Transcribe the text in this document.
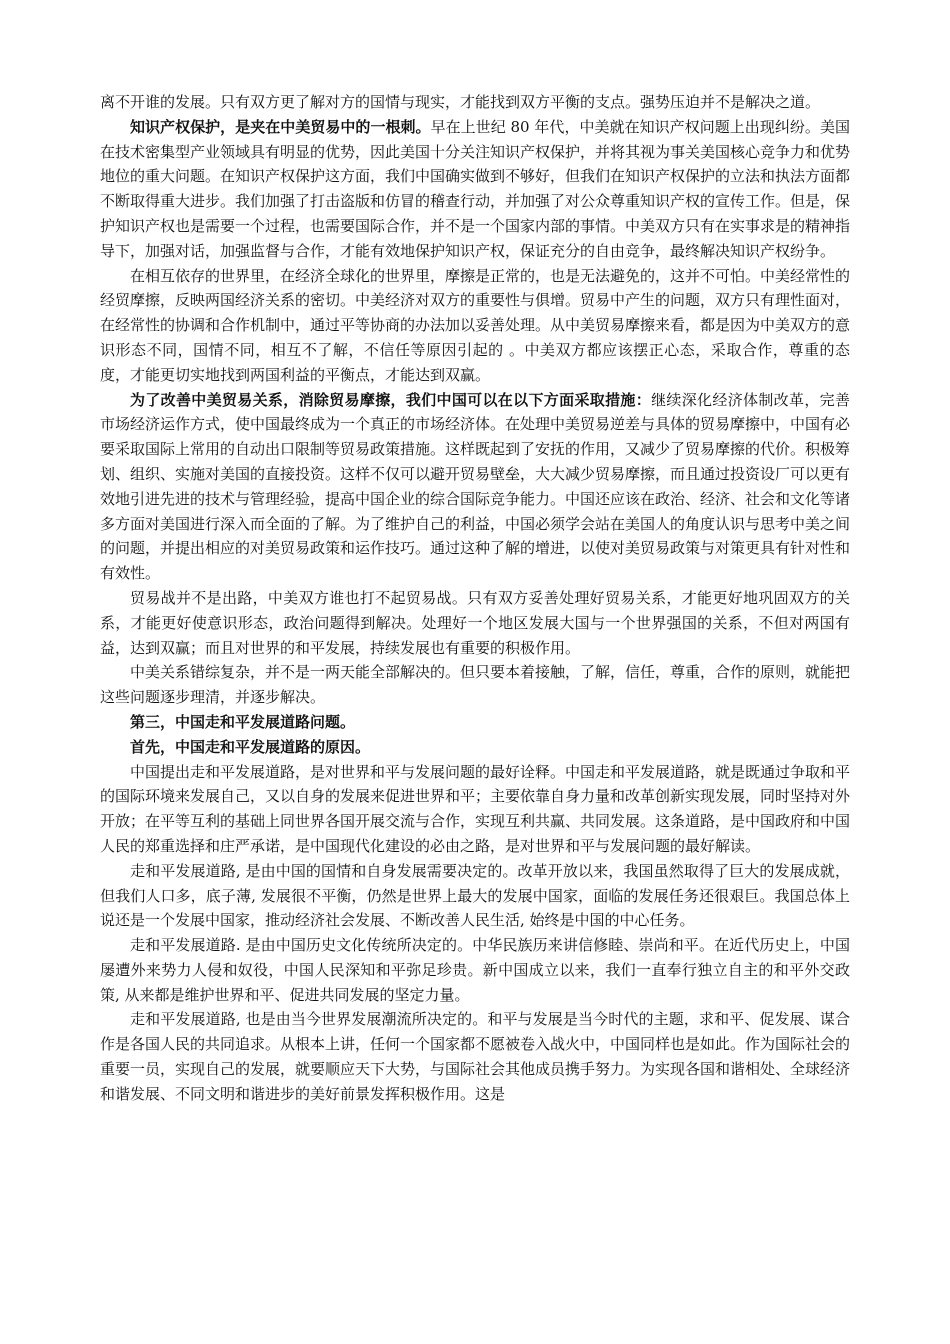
离不开谁的发展。只有双方更了解对方的国情与现实，才能找到双方平衡的支点。强势压迫并不是解决之道。

知识产权保护，是夹在中美贸易中的一根刺。早在上世纪 80 年代，中美就在知识产权问题上出现纠纷。美国在技术密集型产业领域具有明显的优势，因此美国十分关注知识产权保护，并将其视为事关美国核心竞争力和优势地位的重大问题。在知识产权保护这方面，我们中国确实做到不够好，但我们在知识产权保护的立法和执法方面都不断取得重大进步。我们加强了打击盗版和仿冒的稽查行动，并加强了对公众尊重知识产权的宣传工作。但是，保护知识产权也是需要一个过程，也需要国际合作，并不是一个国家内部的事情。中美双方只有在实事求是的精神指导下，加强对话，加强监督与合作，才能有效地保护知识产权，保证充分的自由竞争，最终解决知识产权纷争。

在相互依存的世界里，在经济全球化的世界里，摩擦是正常的，也是无法避免的，这并不可怕。中美经常性的经贸摩擦，反映两国经济关系的密切。中美经济对双方的重要性与俱增。贸易中产生的问题，双方只有理性面对，在经常性的协调和合作机制中，通过平等协商的办法加以妥善处理。从中美贸易摩擦来看，都是因为中美双方的意识形态不同，国情不同，相互不了解，不信任等原因引起的 。中美双方都应该摆正心态，采取合作，尊重的态度，才能更切实地找到两国利益的平衡点，才能达到双赢。

为了改善中美贸易关系，消除贸易摩擦，我们中国可以在以下方面采取措施：继续深化经济体制改革，完善市场经济运作方式，使中国最终成为一个真正的市场经济体。在处理中美贸易逆差与具体的贸易摩擦中，中国有必要采取国际上常用的自动出口限制等贸易政策措施。这样既起到了安抚的作用，又减少了贸易摩擦的代价。积极筹划、组织、实施对美国的直接投资。这样不仅可以避开贸易壁垒，大大减少贸易摩擦，而且通过投资设厂可以更有效地引进先进的技术与管理经验，提高中国企业的综合国际竞争能力。中国还应该在政治、经济、社会和文化等诸多方面对美国进行深入而全面的了解。为了维护自己的利益，中国必须学会站在美国人的角度认识与思考中美之间的问题，并提出相应的对美贸易政策和运作技巧。通过这种了解的增进，以使对美贸易政策与对策更具有针对性和有效性。

贸易战并不是出路，中美双方谁也打不起贸易战。只有双方妥善处理好贸易关系，才能更好地巩固双方的关系，才能更好使意识形态，政治问题得到解决。处理好一个地区发展大国与一个世界强国的关系，不但对两国有益，达到双赢；而且对世界的和平发展，持续发展也有重要的积极作用。

中美关系错综复杂，并不是一两天能全部解决的。但只要本着接触，了解，信任，尊重，合作的原则，就能把这些问题逐步理清，并逐步解决。

第三，中国走和平发展道路问题。

首先，中国走和平发展道路的原因。

中国提出走和平发展道路，是对世界和平与发展问题的最好诠释。中国走和平发展道路，就是既通过争取和平的国际环境来发展自己，又以自身的发展来促进世界和平；主要依靠自身力量和改革创新实现发展，同时坚持对外开放；在平等互利的基础上同世界各国开展交流与合作，实现互利共赢、共同发展。这条道路，是中国政府和中国人民的郑重选择和庄严承诺，是中国现代化建设的必由之路，是对世界和平与发展问题的最好解读。

走和平发展道路, 是由中国的国情和自身发展需要决定的。改革开放以来，我国虽然取得了巨大的发展成就，但我们人口多，底子薄, 发展很不平衡，仍然是世界上最大的发展中国家，面临的发展任务还很艰巨。我国总体上说还是一个发展中国家，推动经济社会发展、不断改善人民生活, 始终是中国的中心任务。

走和平发展道路. 是由中国历史文化传统所决定的。中华民族历来讲信修睦、崇尚和平。在近代历史上，中国屡遭外来势力人侵和奴役，中国人民深知和平弥足珍贵。新中国成立以来，我们一直奉行独立自主的和平外交政策, 从来都是维护世界和平、促进共同发展的坚定力量。

走和平发展道路, 也是由当今世界发展潮流所决定的。和平与发展是当今时代的主题，求和平、促发展、谋合作是各国人民的共同追求。从根本上讲，任何一个国家都不愿被卷入战火中，中国同样也是如此。作为国际社会的重要一员，实现自己的发展，就要顺应天下大势，与国际社会其他成员携手努力。为实现各国和谐相处、全球经济和谐发展、不同文明和谐进步的美好前景发挥积极作用。这是
